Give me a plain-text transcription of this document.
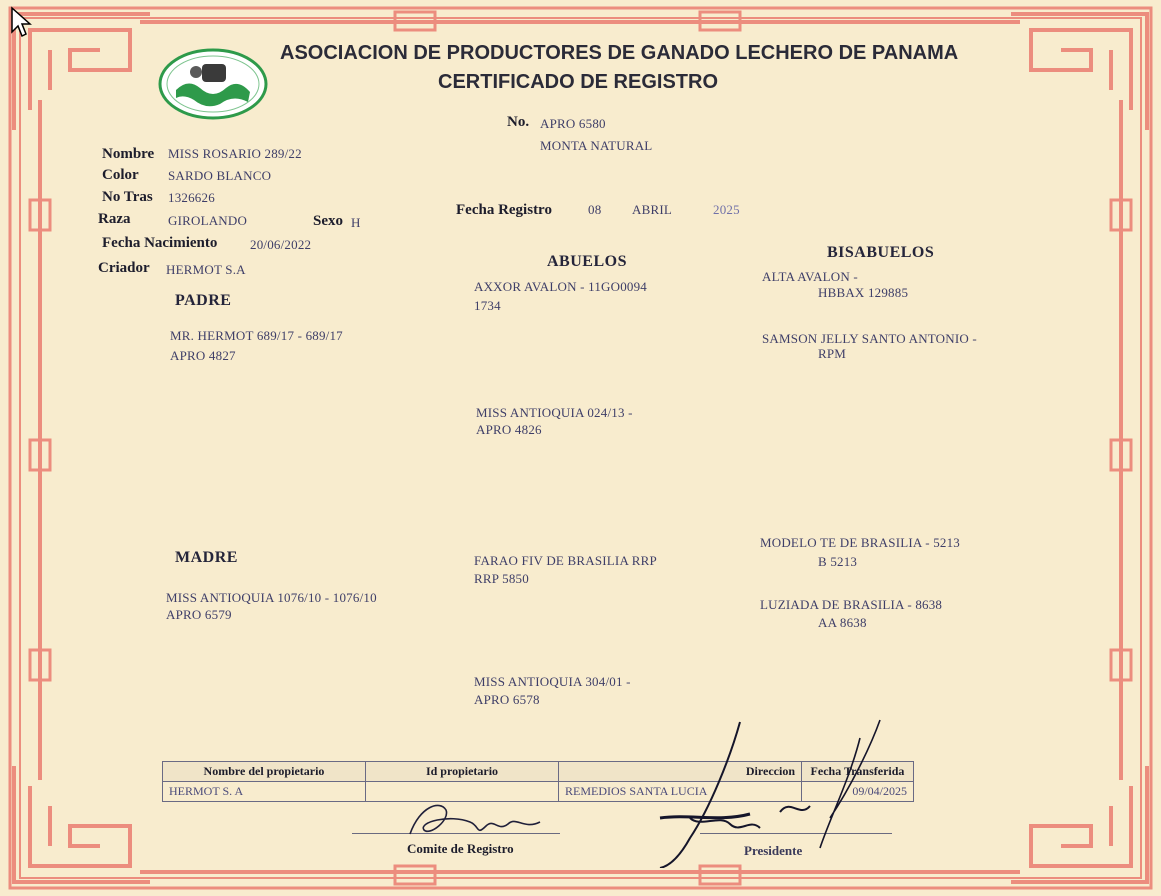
ASOCIACION DE PRODUCTORES DE GANADO LECHERO DE PANAMA
CERTIFICADO DE REGISTRO
No. APRO 6580
MONTA NATURAL
Nombre MISS ROSARIO 289/22
Color SARDO BLANCO
No Tras 1326626
Raza	GIROLANDO	Sexo H
Fecha Nacimiento	20/06/2022
Criador HERMOT S.A
Fecha Registro	08 ABRIL	2025
PADRE
MADRE
ABUELOS
BISABUELOS
MR. HERMOT 689/17 - 689/17
APRO 4827
MISS ANTIOQUIA 1076/10 - 1076/10
APRO 6579
AXXOR AVALON - 11GO0094
1734
MISS ANTIOQUIA 024/13 -
APRO 4826
FARAO FIV DE BRASILIA RRP
RRP 5850
MISS ANTIOQUIA 304/01 -
APRO 6578
ALTA AVALON -
HBBAX 129885
SAMSON JELLY SANTO ANTONIO -
RPM
MODELO TE DE BRASILIA - 5213
B 5213
LUZIADA DE BRASILIA - 8638
AA 8638
Nombre del propietario	Id propietario	Direccion	Fecha Transferida
HERMOT S. A		REMEDIOS SANTA LUCIA	09/04/2025
Comite de Registro	Presidente
